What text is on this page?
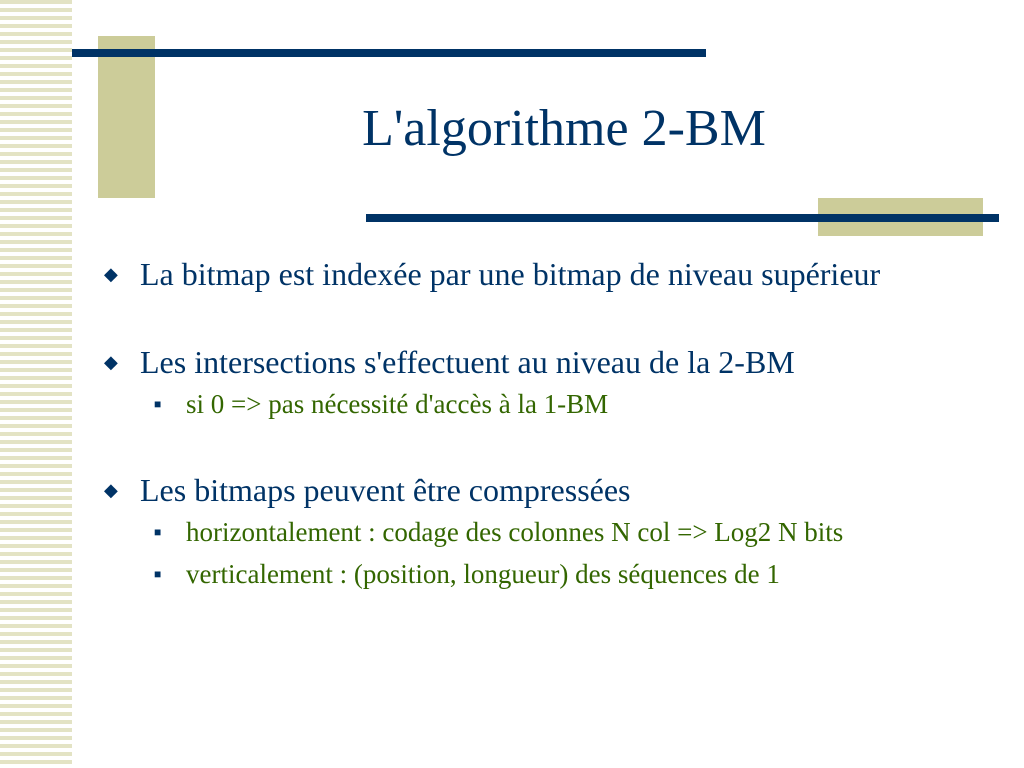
L'algorithme 2-BM
◆ La bitmap est indexée par une bitmap de niveau supérieur
◆ Les intersections s'effectuent au niveau de la 2-BM
■ si 0 => pas nécessité d'accès à la 1-BM
◆ Les bitmaps peuvent être compressées
■ horizontalement : codage des colonnes N col => Log2 N bits
■ verticalement : (position, longueur) des séquences de 1
